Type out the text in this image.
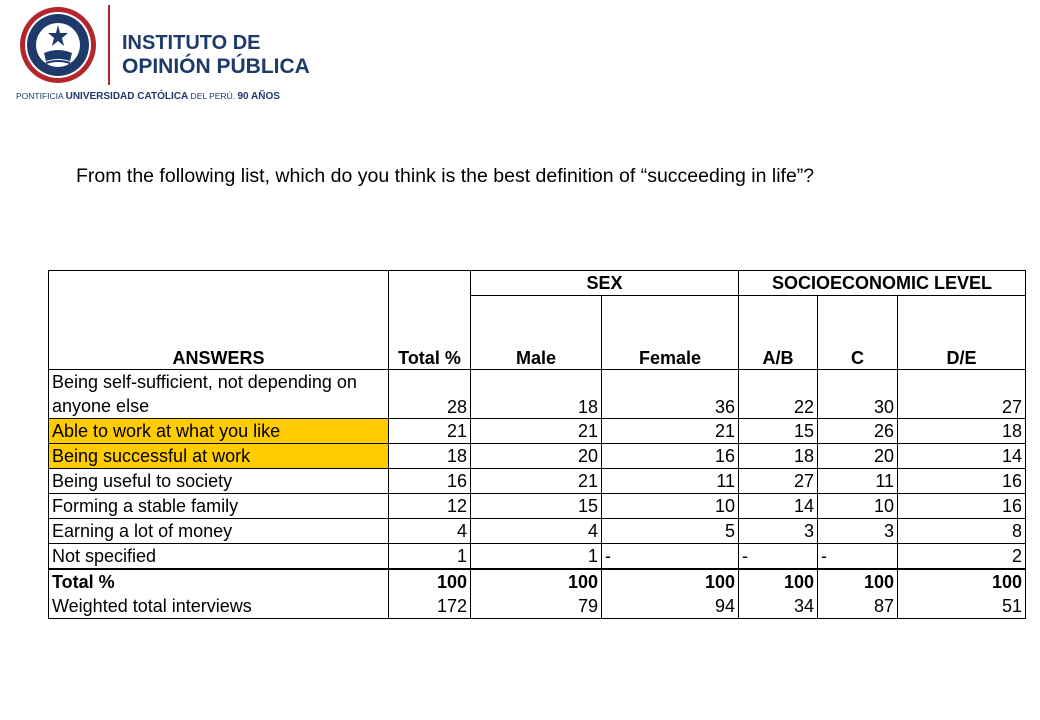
INSTITUTO DE
OPINIÓN PÚBLICA
PONTIFICIA UNIVERSIDAD CATÓLICA DEL PERÚ. 90 AÑOS
From the following list, which do you think is the best definition of “succeeding in life”?
		SEX		SOCIOECONOMIC LEVEL		
ANSWERS	Total %	Male	Female	A/B	C	D/E
Being self-sufficient, not depending on
anyone else	28	18	36	22	30	27
Able to work at what you like	21	21	21	15	26	18
Being successful at work	18	20	16	18	20	14
Being useful to society	16	21	11	27	11	16
Forming a stable family	12	15	10	14	10	16
Earning a lot of money	4	4	5	3	3	8
Not specified	1	1	-	-	-	2
Total %	100	100	100	100	100	100
Weighted total interviews	172	79	94	34	87	51
